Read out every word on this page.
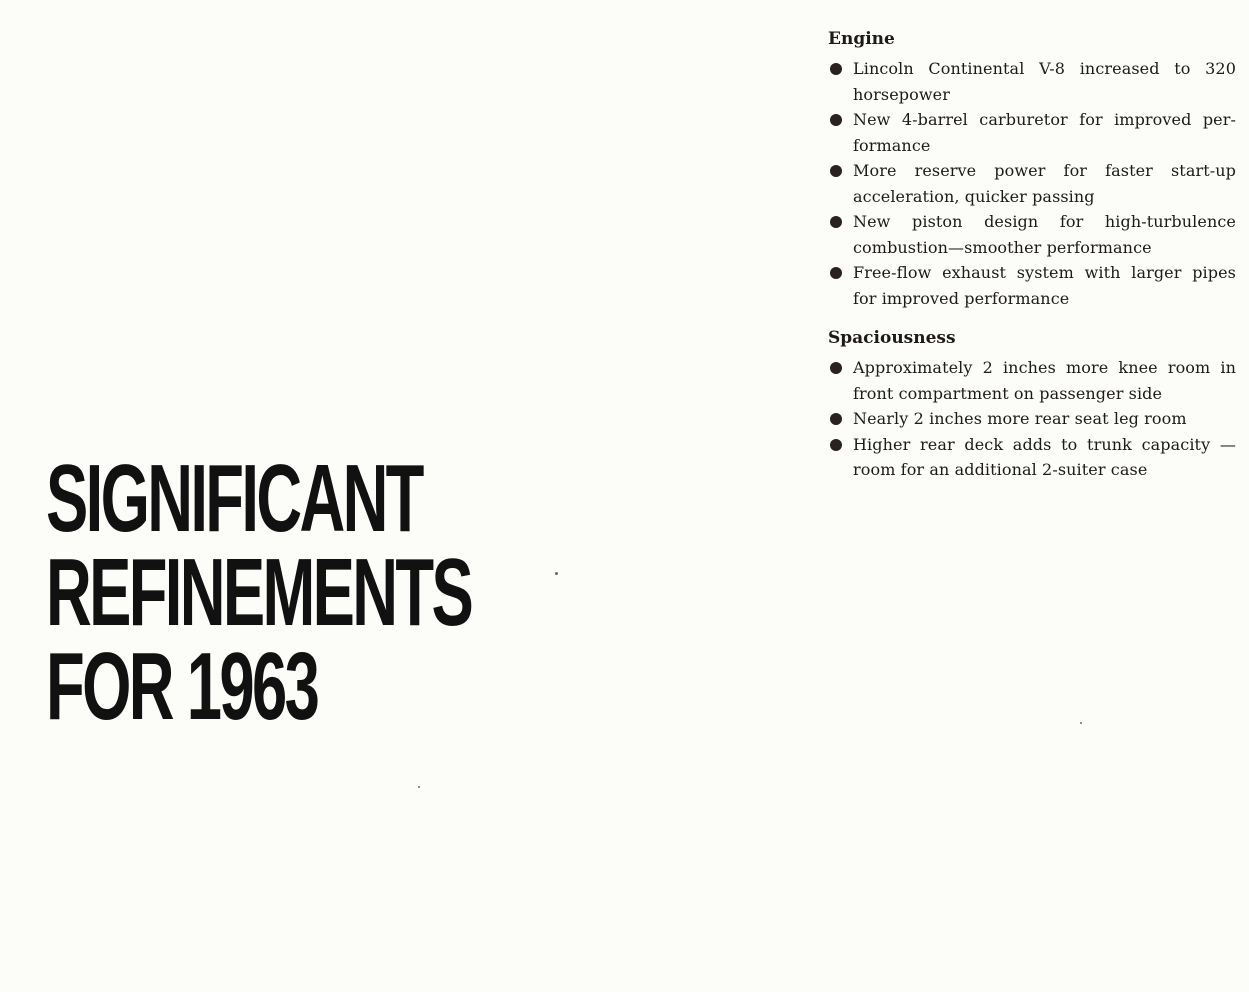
SIGNIFICANT
REFINEMENTS
FOR 1963
Engine
Lincoln Continental V-8 increased to 320 horsepower
New 4-barrel carburetor for improved per-formance
More reserve power for faster start-up acceleration, quicker passing
New piston design for high-turbulence combustion—smoother performance
Free-flow exhaust system with larger pipes for improved performance
Spaciousness
Approximately 2 inches more knee room in front compartment on passenger side
Nearly 2 inches more rear seat leg room
Higher rear deck adds to trunk capacity —room for an additional 2-suiter case
